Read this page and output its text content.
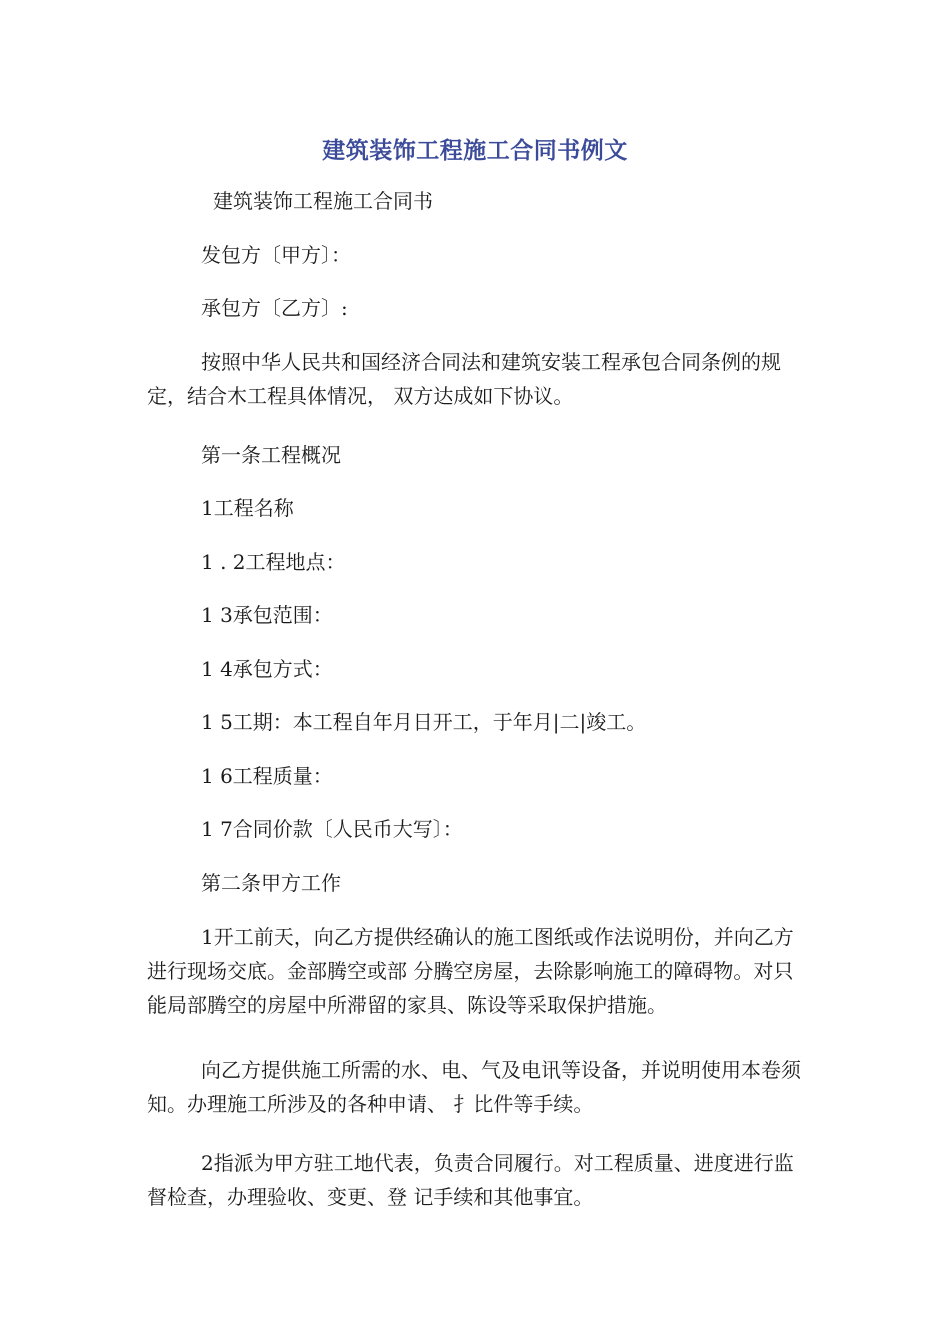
建筑装饰工程施工合同书例文

建筑装饰工程施工合同书

发包方〔甲方〕：

承包方〔乙方〕:

按照中华人民共和国经济合同法和建筑安装工程承包合同条例的规定，结合木工程具体情况， 双方达成如下协议。

第一条工程概况

1工程名称

1 . 2工程地点：

1 3承包范围：

1 4承包方式：

1 5工期：本工程自年月日开工，于年月|二|竣工。

1 6工程质量：

1 7合同价款〔人民币大写〕：

第二条甲方工作

1开工前天，向乙方提供经确认的施工图纸或作法说明份，并向乙方进行现场交底。金部腾空或部 分腾空房屋，去除影响施工的障碍物。对只能局部腾空的房屋中所滞留的家具、陈设等采取保护措施。

向乙方提供施工所需的水、电、气及电讯等设备，并说明使用本卷须知。办理施工所涉及的各种申请、 扌比件等手续。

2指派为甲方驻工地代表，负责合同履行。对工程质量、进度进行监督检查，办理验收、变更、登 记手续和其他事宜。
